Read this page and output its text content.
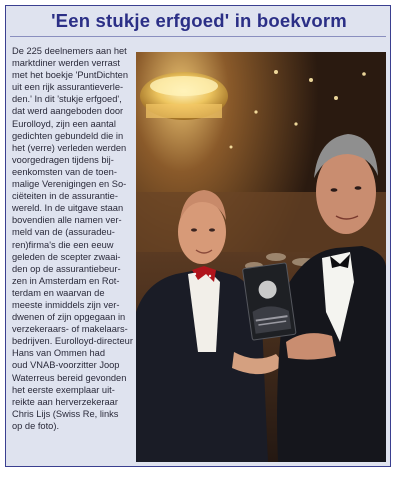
'Een stukje erfgoed' in boekvorm

De 225 deelnemers aan het
marktdiner werden verrast
met het boekje 'PuntDichten
uit een rijk assurantieverle-
den.' In dit 'stukje erfgoed',
dat werd aangeboden door
Eurolloyd, zijn een aantal
gedichten gebundeld die in
het (verre) verleden werden
voorgedragen tijdens bij-
eenkomsten van de toen-
malige Verenigingen en So-
ciëteiten in de assurantie-
wereld. In de uitgave staan
bovendien alle namen ver-
meld van de (assuradeu-
ren)firma's die een eeuw
geleden de scepter zwaai-
den op de assurantiebeur-
zen in Amsterdam en Rot-
terdam en waarvan de
meeste inmiddels zijn ver-
dwenen of zijn opgegaan in
verzekeraars- of makelaars-
bedrijven. Eurolloyd-directeur
Hans van Ommen had
oud VNAB-voorzitter Joop
Waterreus bereid gevonden
het eerste exemplaar uit-
reikte aan herverzekeraar
Chris Lijs (Swiss Re, links
op de foto).
